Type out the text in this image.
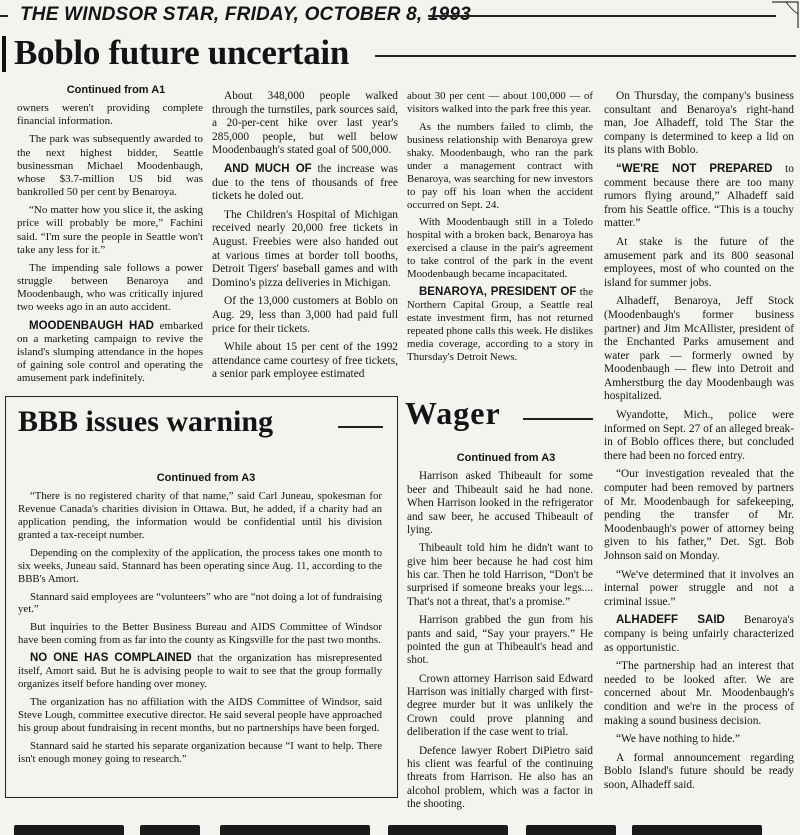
THE WINDSOR STAR, FRIDAY, OCTOBER 8, 1993
Boblo future uncertain

Continued from A1

owners weren't providing complete financial information.

The park was subsequently awarded to the next highest bidder, Seattle businessman Michael Moodenbaugh, whose $3.7-million US bid was bankrolled 50 per cent by Benaroya.

“No matter how you slice it, the asking price will probably be more,” Fachini said. “I'm sure the people in Seattle won't take any less for it.”

The impending sale follows a power struggle between Benaroya and Moodenbaugh, who was critically injured two weeks ago in an auto accident.

MOODENBAUGH HAD embarked on a marketing campaign to revive the island's slumping attendance in the hopes of gaining sole control and operating the amusement park indefinitely.

About 348,000 people walked through the turnstiles, park sources said, a 20-per-cent hike over last year's 285,000 people, but well below Moodenbaugh's stated goal of 500,000.

AND MUCH OF the increase was due to the tens of thousands of free tickets he doled out.

The Children's Hospital of Michigan received nearly 20,000 free tickets in August. Freebies were also handed out at various times at border toll booths, Detroit Tigers' baseball games and with Domino's pizza deliveries in Michigan.

Of the 13,000 customers at Boblo on Aug. 29, less than 3,000 had paid full price for their tickets.

While about 15 per cent of the 1992 attendance came courtesy of free tickets, a senior park employee estimated

about 30 per cent — about 100,000 — of visitors walked into the park free this year.

As the numbers failed to climb, the business relationship with Benaroya grew shaky. Moodenbaugh, who ran the park under a management contract with Benaroya, was searching for new investors to pay off his loan when the accident occurred on Sept. 24.

With Moodenbaugh still in a Toledo hospital with a broken back, Benaroya has exercised a clause in the pair's agreement to take control of the park in the event Moodenbaugh became incapacitated.

BENAROYA, PRESIDENT OF the Northern Capital Group, a Seattle real estate investment firm, has not returned repeated phone calls this week. He dislikes media coverage, according to a story in Thursday's Detroit News.

On Thursday, the company's business consultant and Benaroya's right-hand man, Joe Alhadeff, told The Star the company is determined to keep a lid on its plans with Boblo.

“WE'RE NOT PREPARED to comment because there are too many rumors flying around,” Alhadeff said from his Seattle office. “This is a touchy matter.”

At stake is the future of the amusement park and its 800 seasonal employees, most of who counted on the island for summer jobs.

Alhadeff, Benaroya, Jeff Stock (Moodenbaugh's former business partner) and Jim McAllister, president of the Enchanted Parks amusement and water park — formerly owned by Moodenbaugh — flew into Detroit and Amherstburg the day Moodenbaugh was hospitalized.

Wyandotte, Mich., police were informed on Sept. 27 of an alleged break-in of Boblo offices there, but concluded there had been no forced entry.

“Our investigation revealed that the computer had been removed by partners of Mr. Moodenbaugh for safekeeping, pending the transfer of Mr. Moodenbaugh's power of attorney being given to his father,” Det. Sgt. Bob Johnson said on Monday.

“We've determined that it involves an internal power struggle and not a criminal issue.”

ALHADEFF SAID Benaroya's company is being unfairly characterized as opportunistic.

“The partnership had an interest that needed to be looked after. We are concerned about Mr. Moodenbaugh's condition and we're in the process of making a sound business decision.

“We have nothing to hide.”

A formal announcement regarding Boblo Island's future should be ready soon, Alhadeff said.

BBB issues warning

Continued from A3

“There is no registered charity of that name,” said Carl Juneau, spokesman for Revenue Canada's charities division in Ottawa. But, he added, if a charity had an application pending, the information would be confidential until his division granted a tax-receipt number.

Depending on the complexity of the application, the process takes one month to six weeks, Juneau said. Stannard has been operating since Aug. 11, according to the BBB's Amort.

Stannard said employees are “volunteers” who are “not doing a lot of fundraising yet.”

But inquiries to the Better Business Bureau and AIDS Committee of Windsor have been coming from as far into the county as Kingsville for the past two months.

NO ONE HAS COMPLAINED that the organization has misrepresented itself, Amort said. But he is advising people to wait to see that the group formally organizes itself before handing over money.

The organization has no affiliation with the AIDS Committee of Windsor, said Steve Lough, committee executive director. He said several people have approached his group about fundraising in recent months, but no partnerships have been forged.

Stannard said he started his separate organization because “I want to help. There isn't enough money going to research.”

Wager

Continued from A3

Harrison asked Thibeault for some beer and Thibeault said he had none. When Harrison looked in the refrigerator and saw beer, he accused Thibeault of lying.

Thibeault told him he didn't want to give him beer because he had cost him his car. Then he told Harrison, “Don't be surprised if someone breaks your legs.... That's not a threat, that's a promise.”

Harrison grabbed the gun from his pants and said, “Say your prayers.” He pointed the gun at Thibeault's head and shot.

Crown attorney Harrison said Edward Harrison was initially charged with first-degree murder but it was unlikely the Crown could prove planning and deliberation if the case went to trial.

Defence lawyer Robert DiPietro said his client was fearful of the continuing threats from Harrison. He also has an alcohol problem, which was a factor in the shooting.
